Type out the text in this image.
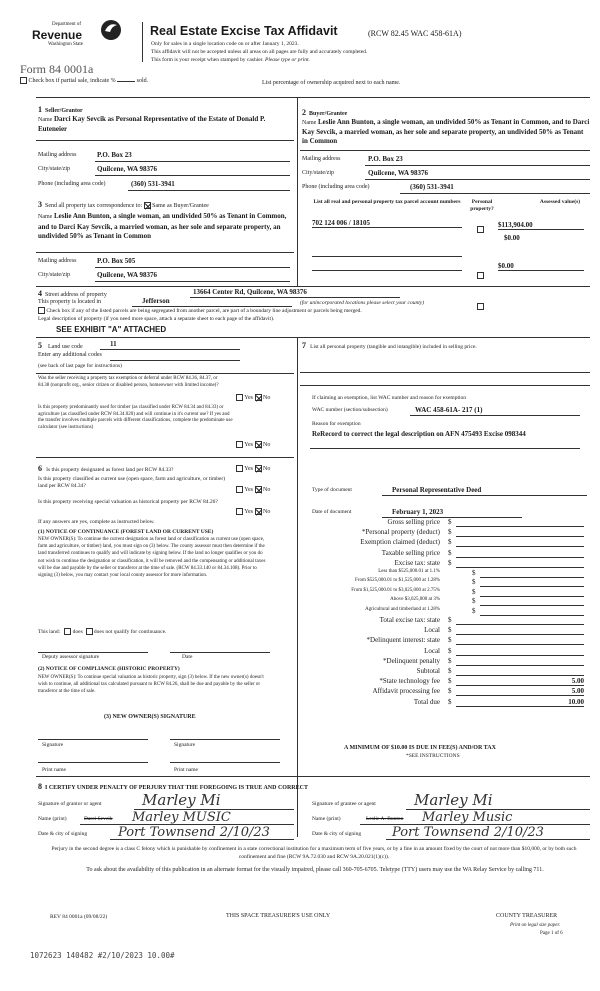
Department of
Revenue
Washington State
Real Estate Excise Tax Affidavit	(RCW 82.45 WAC 458-61A)
Only for sales in a single location code on or after January 1, 2023.
This affidavit will not be accepted unless all areas on all pages are fully and accurately completed.
This form is your receipt when stamped by cashier. Please type or print.
Form 84 0001a
Check box if partial sale, indicate %	sold.	List percentage of ownership acquired next to each name.
1 Seller/Grantor
Name Darci Kay Sevcik as Personal Representative of the Estate of Donald P. Euteneier
Mailing address	P.O. Box 23
City/state/zip	Quilcene, WA 98376
Phone (including area code)	(360) 531-3941
2 Buyer/Grantee
Name Leslie Ann Bunton, a single woman, an undivided 50% as Tenant in Common, and to Darci Kay Sevcik, a married woman, as her sole and separate property, an undivided 50% as Tenant in Common
Mailing address	P.O. Box 23
City/state/zip	Quilcene, WA 98376
Phone (including area code)	(360) 531-3941
List all real and personal property tax parcel account numbers	Personal property?
Assessed value(s)
702 124 006 / 18105	$113,904.00
$0.00
$0.00
3 Send all property tax correspondence to: Same as Buyer/Grantee
Name Leslie Ann Bunton, a single woman, an undivided 50% as Tenant in Common, and to Darci Kay Sevcik, a married woman, as her sole and separate property, an undivided 50% as Tenant in Common
Mailing address	P.O. Box 505
City/state/zip	Quilcene, WA 98376
4 Street address of property	13664 Center Rd, Quilcene, WA 98376
This property is located in	Jefferson	(for unincorporated locations please select your county)
Check box if any of the listed parcels are being segregated from another parcel, are part of a boundary line adjustment or parcels being merged.
Legal description of property (if you need more space, attach a separate sheet to each page of the affidavit).
SEE EXHIBIT "A" ATTACHED
5 Land use code	11
Enter any additional codes
(see back of last page for instructions)
Was the seller receiving a property tax exemption or deferral under RCW 84.36, 84.37, or 84.38 (nonprofit org., senior citizen or disabled person, homeowner with limited income)?
Yes No
Is this property predominantly used for timber (as classified under RCW 84.34 and 84.33) or agriculture (as classified under RCW 84.34.020) and will continue in it's current use? If yes and the transfer involves multiple parcels with different classifications, complete the predominate use calculator (see instructions)
Yes No
7 List all personal property (tangible and intangible) included in selling price.
If claiming an exemption, list WAC number and reason for exemption
WAC number (section/subsection)	WAC 458-61A- 217 (1)
Reason for exemption
ReRecord to correct the legal description on AFN 475493 Excise 098344
6 Is this property designated as forest land per RCW 84.33?	Yes No
Is this property classified as current use (open space, farm and agriculture, or timber) land per RCW 84.34?
Yes No
Is this property receiving special valuation as historical property per RCW 84.26?
Yes No
If any answers are yes, complete as instructed below.
(1) NOTICE OF CONTINUANCE (FOREST LAND OR CURRENT USE)
NEW OWNER(S): To continue the current designation as forest land or classification as current use (open space, farm and agriculture, or timber) land, you must sign on (3) below. The county assessor must then determine if the land transferred continues to qualify and will indicate by signing below. If the land no longer qualifies or you do not wish to continue the designation or classification, it will be removed and the compensating or additional taxes will be due and payable by the seller or transferor at the time of sale. (RCW 84.33.140 or 84.34.108). Prior to signing (3) below, you may contact your local county assessor for more information.
This land: does does not qualify for continuance.
Deputy assessor signature	Date
(2) NOTICE OF COMPLIANCE (HISTORIC PROPERTY)
NEW OWNER(S): To continue special valuation as historic property, sign (3) below. If the new owner(s) doesn't wish to continue, all additional tax calculated pursuant to RCW 84.26, shall be due and payable by the seller or transferor at the time of sale.
(3) NEW OWNER(S) SIGNATURE
Signature	Signature
Print name	Print name
Type of document	Personal Representative Deed
Date of document	February 1, 2023
Gross selling price $
*Personal property (deduct) $
Exemption claimed (deduct) $
Taxable selling price $
Excise tax: state $
Less than $525,000.01 at 1.1%	$
From $525,000.01 to $1,525,000 at 1.28%	$
From $1,525,000.01 to $3,025,000 at 2.75%	$
Above $3,025,000 at 3%	$
Agricultural and timberland at 1.28%	$
Total excise tax: state $
Local $
*Delinquent interest: state $
Local $
*Delinquent penalty $
Subtotal $
*State technology fee $	5.00
Affidavit processing fee $	5.00
Total due $	10.00
A MINIMUM OF $10.00 IS DUE IN FEE(S) AND/OR TAX
*SEE INSTRUCTIONS
8 I CERTIFY UNDER PENALTY OF PERJURY THAT THE FOREGOING IS TRUE AND CORRECT
Signature of grantor or agent	Marley Mi
Name (print)	Darci Sevcik Marley MUSIC
Date & city of signing Port Townsend 2/10/23
Signature of grantee or agent	Marley Mi
Name (print)	Leslie A. Bunton Marley Music
Date & city of signing Port Townsend 2/10/23
Perjury in the second degree is a class C felony which is punishable by confinement in a state correctional institution for a maximum term of five years, or by a fine in an amount fixed by the court of not more than $10,000, or by both such confinement and fine (RCW 9A.72.030 and RCW 9A.20.021(1)(c)).
To ask about the availability of this publication in an alternate format for the visually impaired, please call 360-705-6705. Teletype (TTY) users may use the WA Relay Service by calling 711.
REV 84 0001a (09/08/22)	THIS SPACE TREASURER'S USE ONLY	COUNTY TREASURER
Print on legal size paper.
Page 1 of 6
1072623 140482 #2/10/2023 10.00#
